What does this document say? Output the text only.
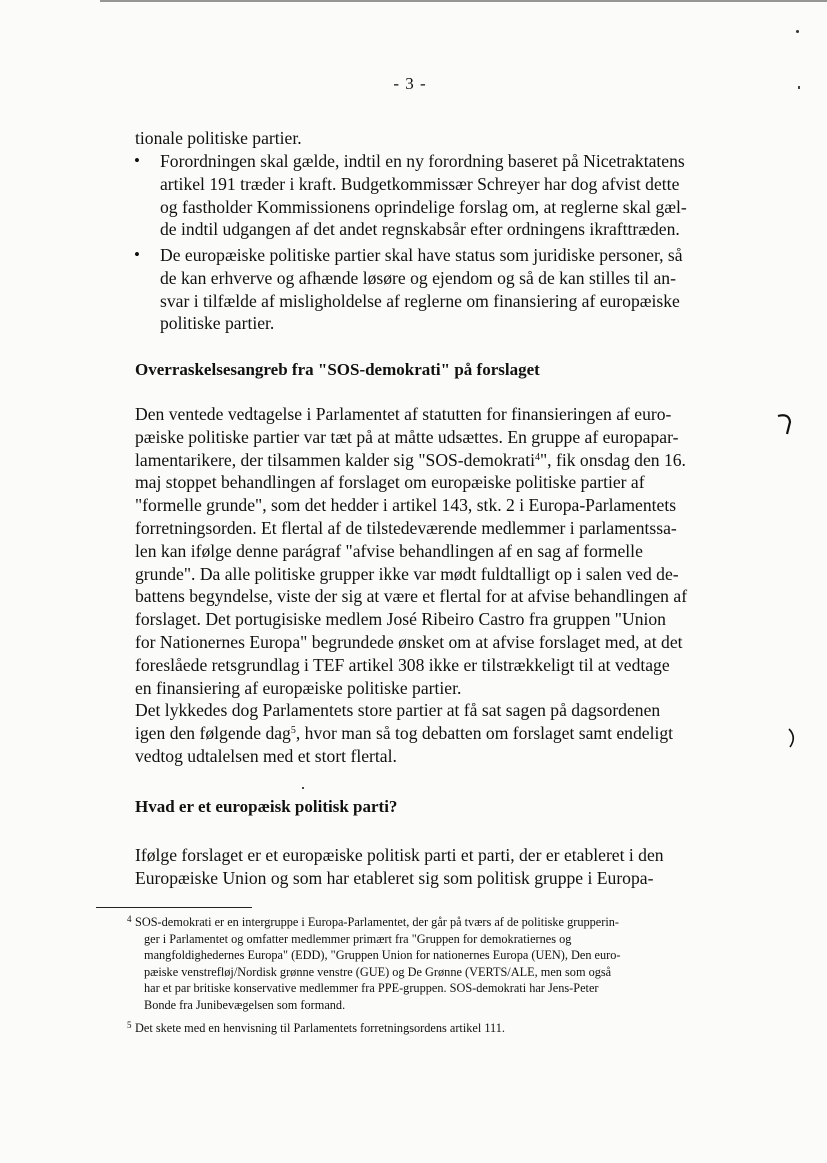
- 3 -
tionale politiske partier.
• Forordningen skal gælde, indtil en ny forordning baseret på Nicetraktatens
artikel 191 træder i kraft. Budgetkommissær Schreyer har dog afvist dette
og fastholder Kommissionens oprindelige forslag om, at reglerne skal gæl-
de indtil udgangen af det andet regnskabsår efter ordningens ikrafttræden.
• De europæiske politiske partier skal have status som juridiske personer, så
de kan erhverve og afhænde løsøre og ejendom og så de kan stilles til an-
svar i tilfælde af misligholdelse af reglerne om finansiering af europæiske
politiske partier.
Overraskelsesangreb fra "SOS-demokrati" på forslaget
Den ventede vedtagelse i Parlamentet af statutten for finansieringen af euro-
pæiske politiske partier var tæt på at måtte udsættes. En gruppe af europapar-
lamentarikere, der tilsammen kalder sig "SOS-demokrati$^4$", fik onsdag den 16.
maj stoppet behandlingen af forslaget om europæiske politiske partier af
"formelle grunde", som det hedder i artikel 143, stk. 2 i Europa-Parlamentets
forretningsorden. Et flertal af de tilstedeværende medlemmer i parlamentssa-
len kan ifølge denne parágraf "afvise behandlingen af en sag af formelle
grunde". Da alle politiske grupper ikke var mødt fuldtalligt op i salen ved de-
battens begyndelse, viste der sig at være et flertal for at afvise behandlingen af
forslaget. Det portugisiske medlem José Ribeiro Castro fra gruppen "Union
for Nationernes Europa" begrundede ønsket om at afvise forslaget med, at det
foreslåede retsgrundlag i TEF artikel 308 ikke er tilstrækkeligt til at vedtage
en finansiering af europæiske politiske partier.
Det lykkedes dog Parlamentets store partier at få sat sagen på dagsordenen
igen den følgende dag$^5$, hvor man så tog debatten om forslaget samt endeligt
vedtog udtalelsen med et stort flertal.
Hvad er et europæisk politisk parti?
Ifølge forslaget er et europæiske politisk parti et parti, der er etableret i den
Europæiske Union og som har etableret sig som politisk gruppe i Europa-
4 SOS-demokrati er en intergruppe i Europa-Parlamentet, der går på tværs af de politiske grupperin-
ger i Parlamentet og omfatter medlemmer primært fra "Gruppen for demokratiernes og
mangfoldighedernes Europa" (EDD), "Gruppen Union for nationernes Europa (UEN), Den euro-
pæiske venstrefløj/Nordisk grønne venstre (GUE) og De Grønne (VERTS/ALE, men som også
har et par britiske konservative medlemmer fra PPE-gruppen. SOS-demokrati har Jens-Peter
Bonde fra Junibevægelsen som formand.
5 Det skete med en henvisning til Parlamentets forretningsordens artikel 111.
